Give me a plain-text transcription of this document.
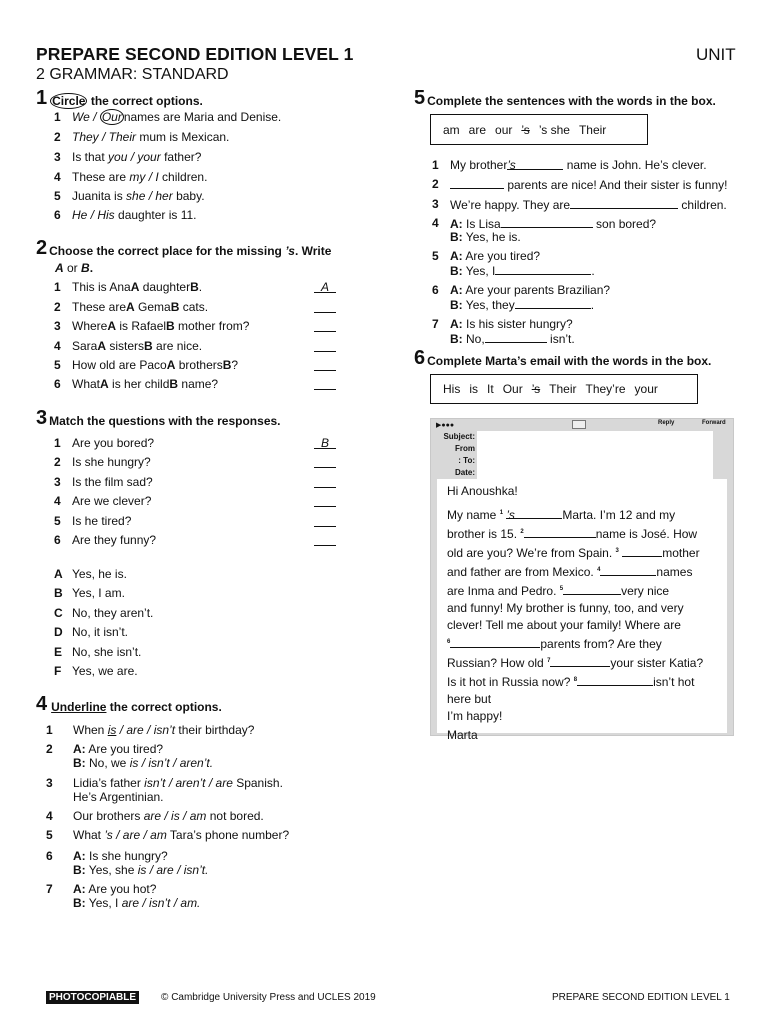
PREPARE SECOND EDITION LEVEL 1	UNIT
2 GRAMMAR: STANDARD
1 Circle the correct options.
1 We / Our names are Maria and Denise.
2 They / Their mum is Mexican.
3 Is that you / your father?
4 These are my / I children.
5 Juanita is she / her baby.
6 He / His daughter is 11.
2 Choose the correct place for the missing ’s. Write
A or B.
1 This is AnaA daughterB.	A
2 These areA GemaB cats.
3 WhereA is RafaelB mother from?
4 SaraA sistersB are nice.
5 How old are PacoA brothersB?
6 WhatA is her childB name?
3 Match the questions with the responses.
1 Are you bored?	B
2 Is she hungry?
3 Is the film sad?
4 Are we clever?
5 Is he tired?
6 Are they funny?
A Yes, he is.
B Yes, I am.
C No, they aren’t.
D No, it isn’t.
E No, she isn’t.
F Yes, we are.
4 Underline the correct options.
1 When is / are / isn’t their birthday?
2 A: Are you tired?
B: No, we is / isn’t / aren’t.
3 Lidia’s father isn’t / aren’t / are Spanish.
He’s Argentinian.
4 Our brothers are / is / am not bored.
5 What ’s / are / am Tara’s phone number?
6 A: Is she hungry?
B: Yes, she is / are / isn’t.
7 A: Are you hot?
B: Yes, I are / isn’t / am.
5 Complete the sentences with the words in the box.
am are our ’s ’s she Their
1 My brother’s	name is John. He’s clever.
2	parents are nice! And their sister is funny!
3 We’re happy. They are	children.
4 A: Is Lisa	son bored?
B: Yes, he is.
5 A: Are you tired?
B: Yes, I	.
6 A: Are your parents Brazilian?
B: Yes, they	.
7 A: Is his sister hungry?
B: No,	isn’t.
6 Complete Marta’s email with the words in the box.
His is It Our ’s Their They’re your
▶●●●	Reply	Forward
Subject:
From
: To:
Date:

Hi Anoushka!

My name $^1$ ’s	Marta. I’m 12 and my

brother is 15. $^2$	name is José. How

old are you? We’re from Spain. $^3$	mother

and father are from Mexico. $^4$	names

are Inma and Pedro. $^5$	very nice

and funny! My brother is funny, too, and very

clever! Tell me about your family! Where are

$^6$	parents from? Are they

Russian? How old $^7$	your sister Katia?

Is it hot in Russia now? $^8$	isn’t hot

here but

I’m happy!

Marta

PHOTOCOPIABLE	© Cambridge University Press and UCLES 2019	PREPARE SECOND EDITION LEVEL 1
